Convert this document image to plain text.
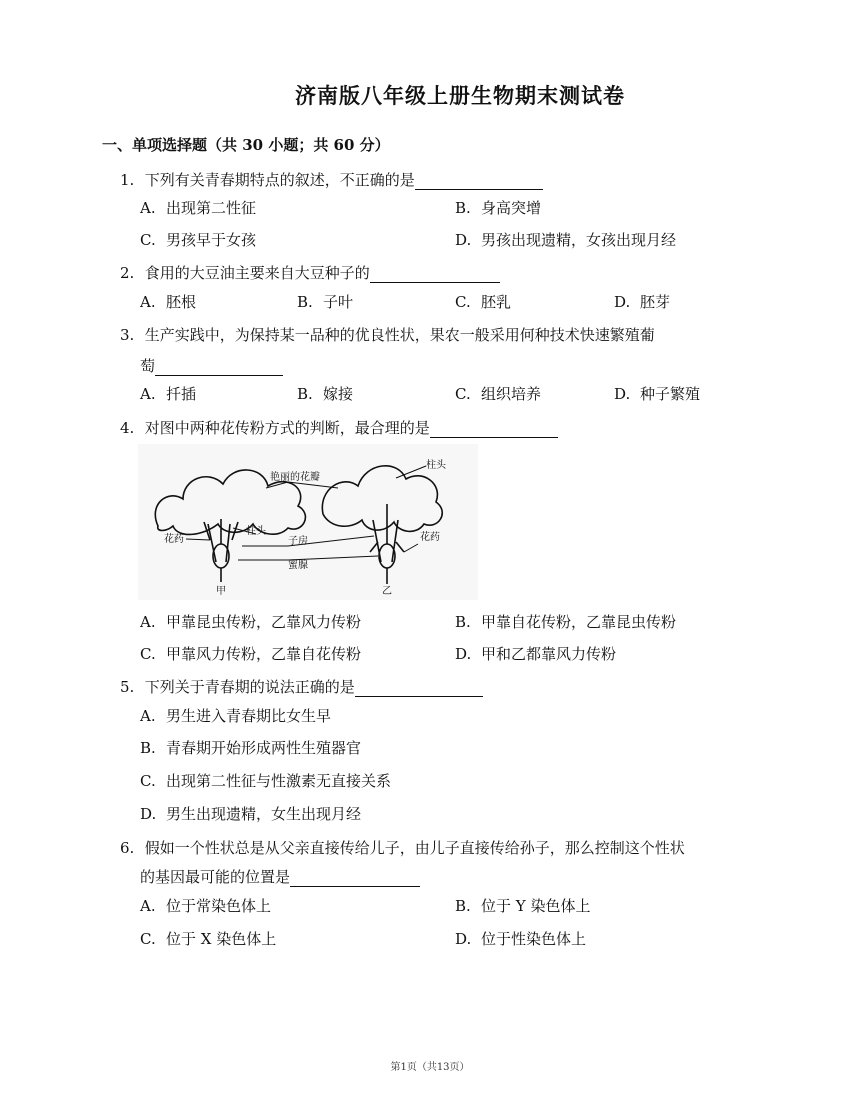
济南版八年级上册生物期末测试卷
一、单项选择题（共 30 小题；共 60 分）
1. 下列有关青春期特点的叙述，不正确的是
A. 出现第二性征	B. 身高突增
C. 男孩早于女孩	D. 男孩出现遗精，女孩出现月经
2. 食用的大豆油主要来自大豆种子的
A. 胚根	B. 子叶	C. 胚乳	D. 胚芽
3. 生产实践中，为保持某一品种的优良性状，果农一般采用何种技术快速繁殖葡
萄
A. 扦插	B. 嫁接	C. 组织培养	D. 种子繁殖
4. 对图中两种花传粉方式的判断，最合理的是
艳丽的花瓣
柱头
柱头
子房
蜜腺
花药	花药
甲	乙
A. 甲靠昆虫传粉，乙靠风力传粉	B. 甲靠自花传粉，乙靠昆虫传粉
C. 甲靠风力传粉，乙靠自花传粉	D. 甲和乙都靠风力传粉
5. 下列关于青春期的说法正确的是
A. 男生进入青春期比女生早
B. 青春期开始形成两性生殖器官
C. 出现第二性征与性激素无直接关系
D. 男生出现遗精，女生出现月经
6. 假如一个性状总是从父亲直接传给儿子，由儿子直接传给孙子，那么控制这个性状
的基因最可能的位置是
A. 位于常染色体上	B. 位于 Y 染色体上
C. 位于 X 染色体上	D. 位于性染色体上
第1页（共13页）
